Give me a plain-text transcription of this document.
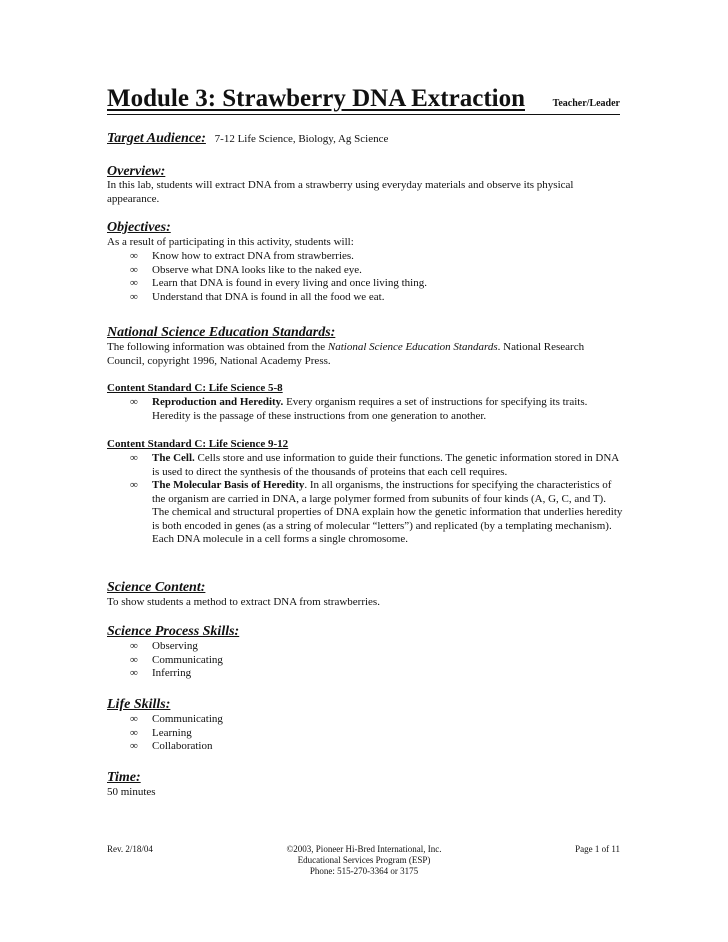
Module 3: Strawberry DNA Extraction	Teacher/Leader
Target Audience: 7-12 Life Science, Biology, Ag Science
Overview:
In this lab, students will extract DNA from a strawberry using everyday materials and observe its physical appearance.
Objectives:
As a result of participating in this activity, students will:
∞ Know how to extract DNA from strawberries.
∞ Observe what DNA looks like to the naked eye.
∞ Learn that DNA is found in every living and once living thing.
∞ Understand that DNA is found in all the food we eat.
National Science Education Standards:
The following information was obtained from the National Science Education Standards. National Research Council, copyright 1996, National Academy Press.
Content Standard C: Life Science 5-8
∞ Reproduction and Heredity. Every organism requires a set of instructions for specifying its traits. Heredity is the passage of these instructions from one generation to another.
Content Standard C: Life Science 9-12
∞ The Cell. Cells store and use information to guide their functions. The genetic information stored in DNA is used to direct the synthesis of the thousands of proteins that each cell requires.
∞ The Molecular Basis of Heredity. In all organisms, the instructions for specifying the characteristics of the organism are carried in DNA, a large polymer formed from subunits of four kinds (A, G, C, and T). The chemical and structural properties of DNA explain how the genetic information that underlies heredity is both encoded in genes (as a string of molecular “letters”) and replicated (by a templating mechanism). Each DNA molecule in a cell forms a single chromosome.
Science Content:
To show students a method to extract DNA from strawberries.
Science Process Skills:
∞ Observing
∞ Communicating
∞ Inferring
Life Skills:
∞ Communicating
∞ Learning
∞ Collaboration
Time:
50 minutes
Rev. 2/18/04	©2003, Pioneer Hi-Bred International, Inc.
Educational Services Program (ESP)
Phone: 515-270-3364 or 3175
Page 1 of 11
